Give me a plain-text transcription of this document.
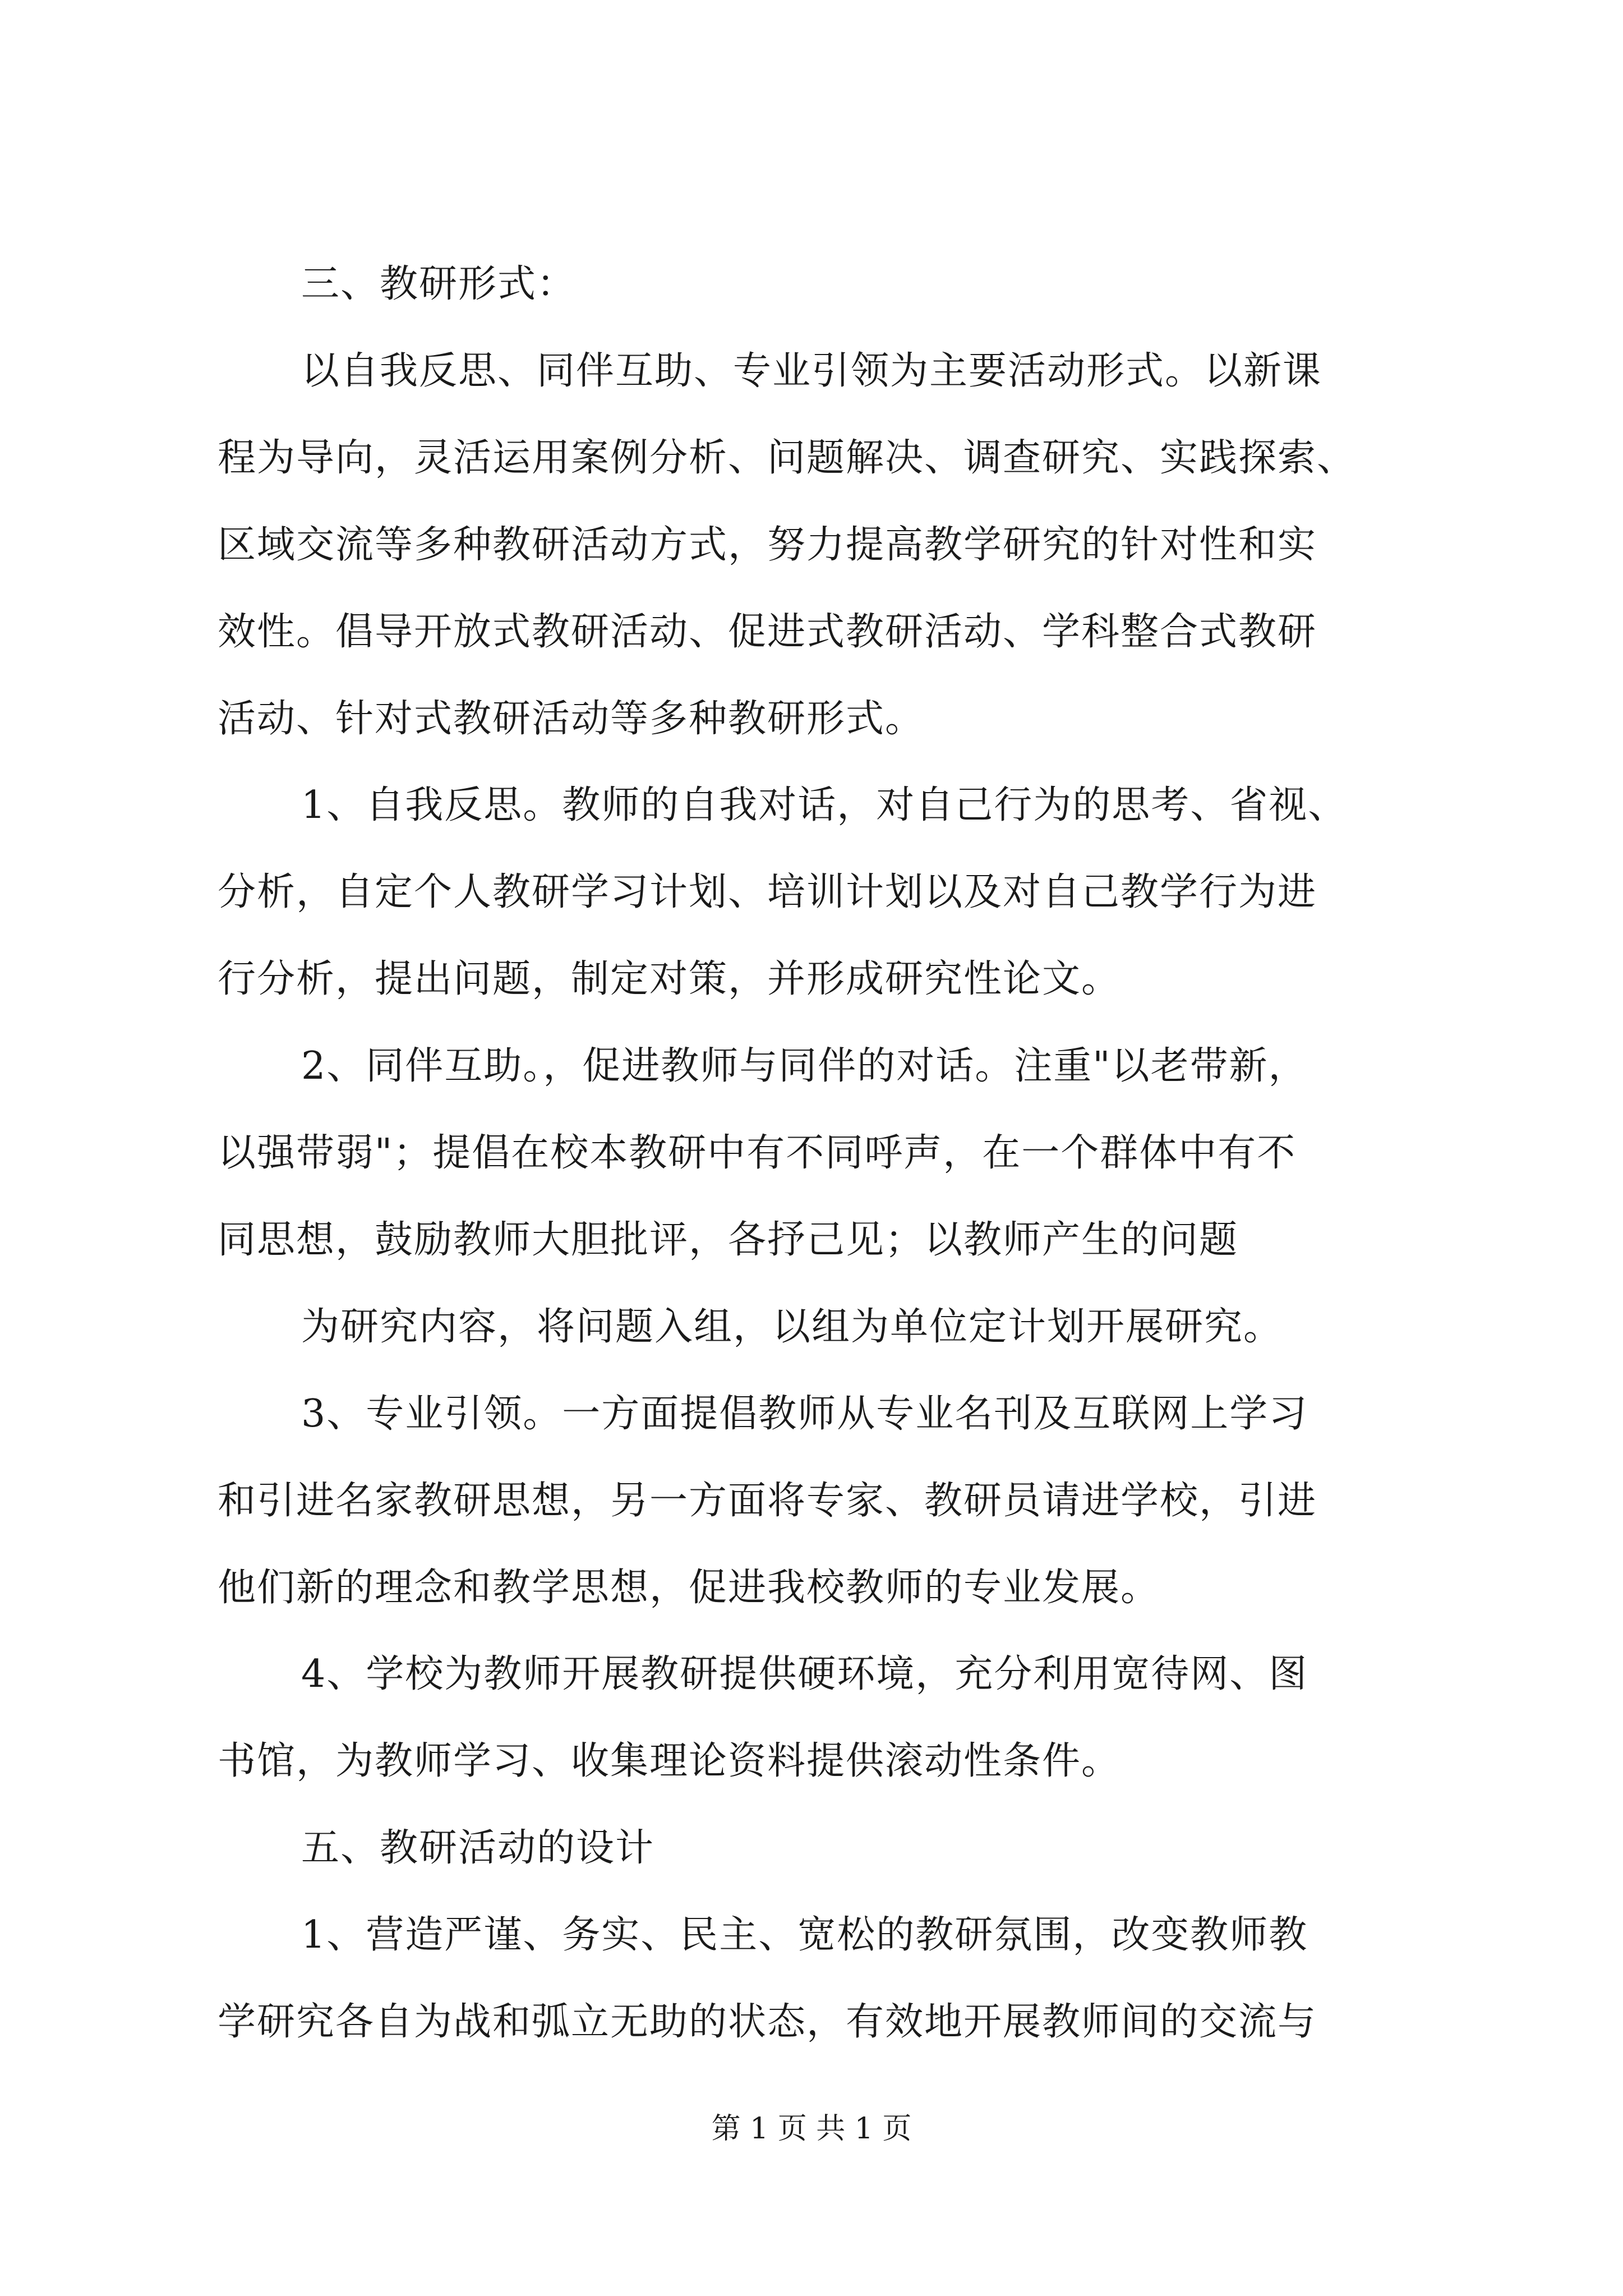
三、教研形式：
以自我反思、同伴互助、专业引领为主要活动形式。以新课
程为导向，灵活运用案例分析、问题解决、调查研究、实践探索、
区域交流等多种教研活动方式，努力提高教学研究的针对性和实
效性。倡导开放式教研活动、促进式教研活动、学科整合式教研
活动、针对式教研活动等多种教研形式。
1、自我反思。教师的自我对话，对自己行为的思考、省视、
分析，自定个人教研学习计划、培训计划以及对自己教学行为进
行分析，提出问题，制定对策，并形成研究性论文。
2、同伴互助。，促进教师与同伴的对话。注重"以老带新，
以强带弱"；提倡在校本教研中有不同呼声，在一个群体中有不
同思想，鼓励教师大胆批评，各抒己见；以教师产生的问题
为研究内容，将问题入组，以组为单位定计划开展研究。
3、专业引领。一方面提倡教师从专业名刊及互联网上学习
和引进名家教研思想，另一方面将专家、教研员请进学校，引进
他们新的理念和教学思想，促进我校教师的专业发展。
4、学校为教师开展教研提供硬环境，充分利用宽待网、图
书馆，为教师学习、收集理论资料提供滚动性条件。
五、教研活动的设计
1、营造严谨、务实、民主、宽松的教研氛围，改变教师教
学研究各自为战和弧立无助的状态，有效地开展教师间的交流与
第 1 页 共 1 页
